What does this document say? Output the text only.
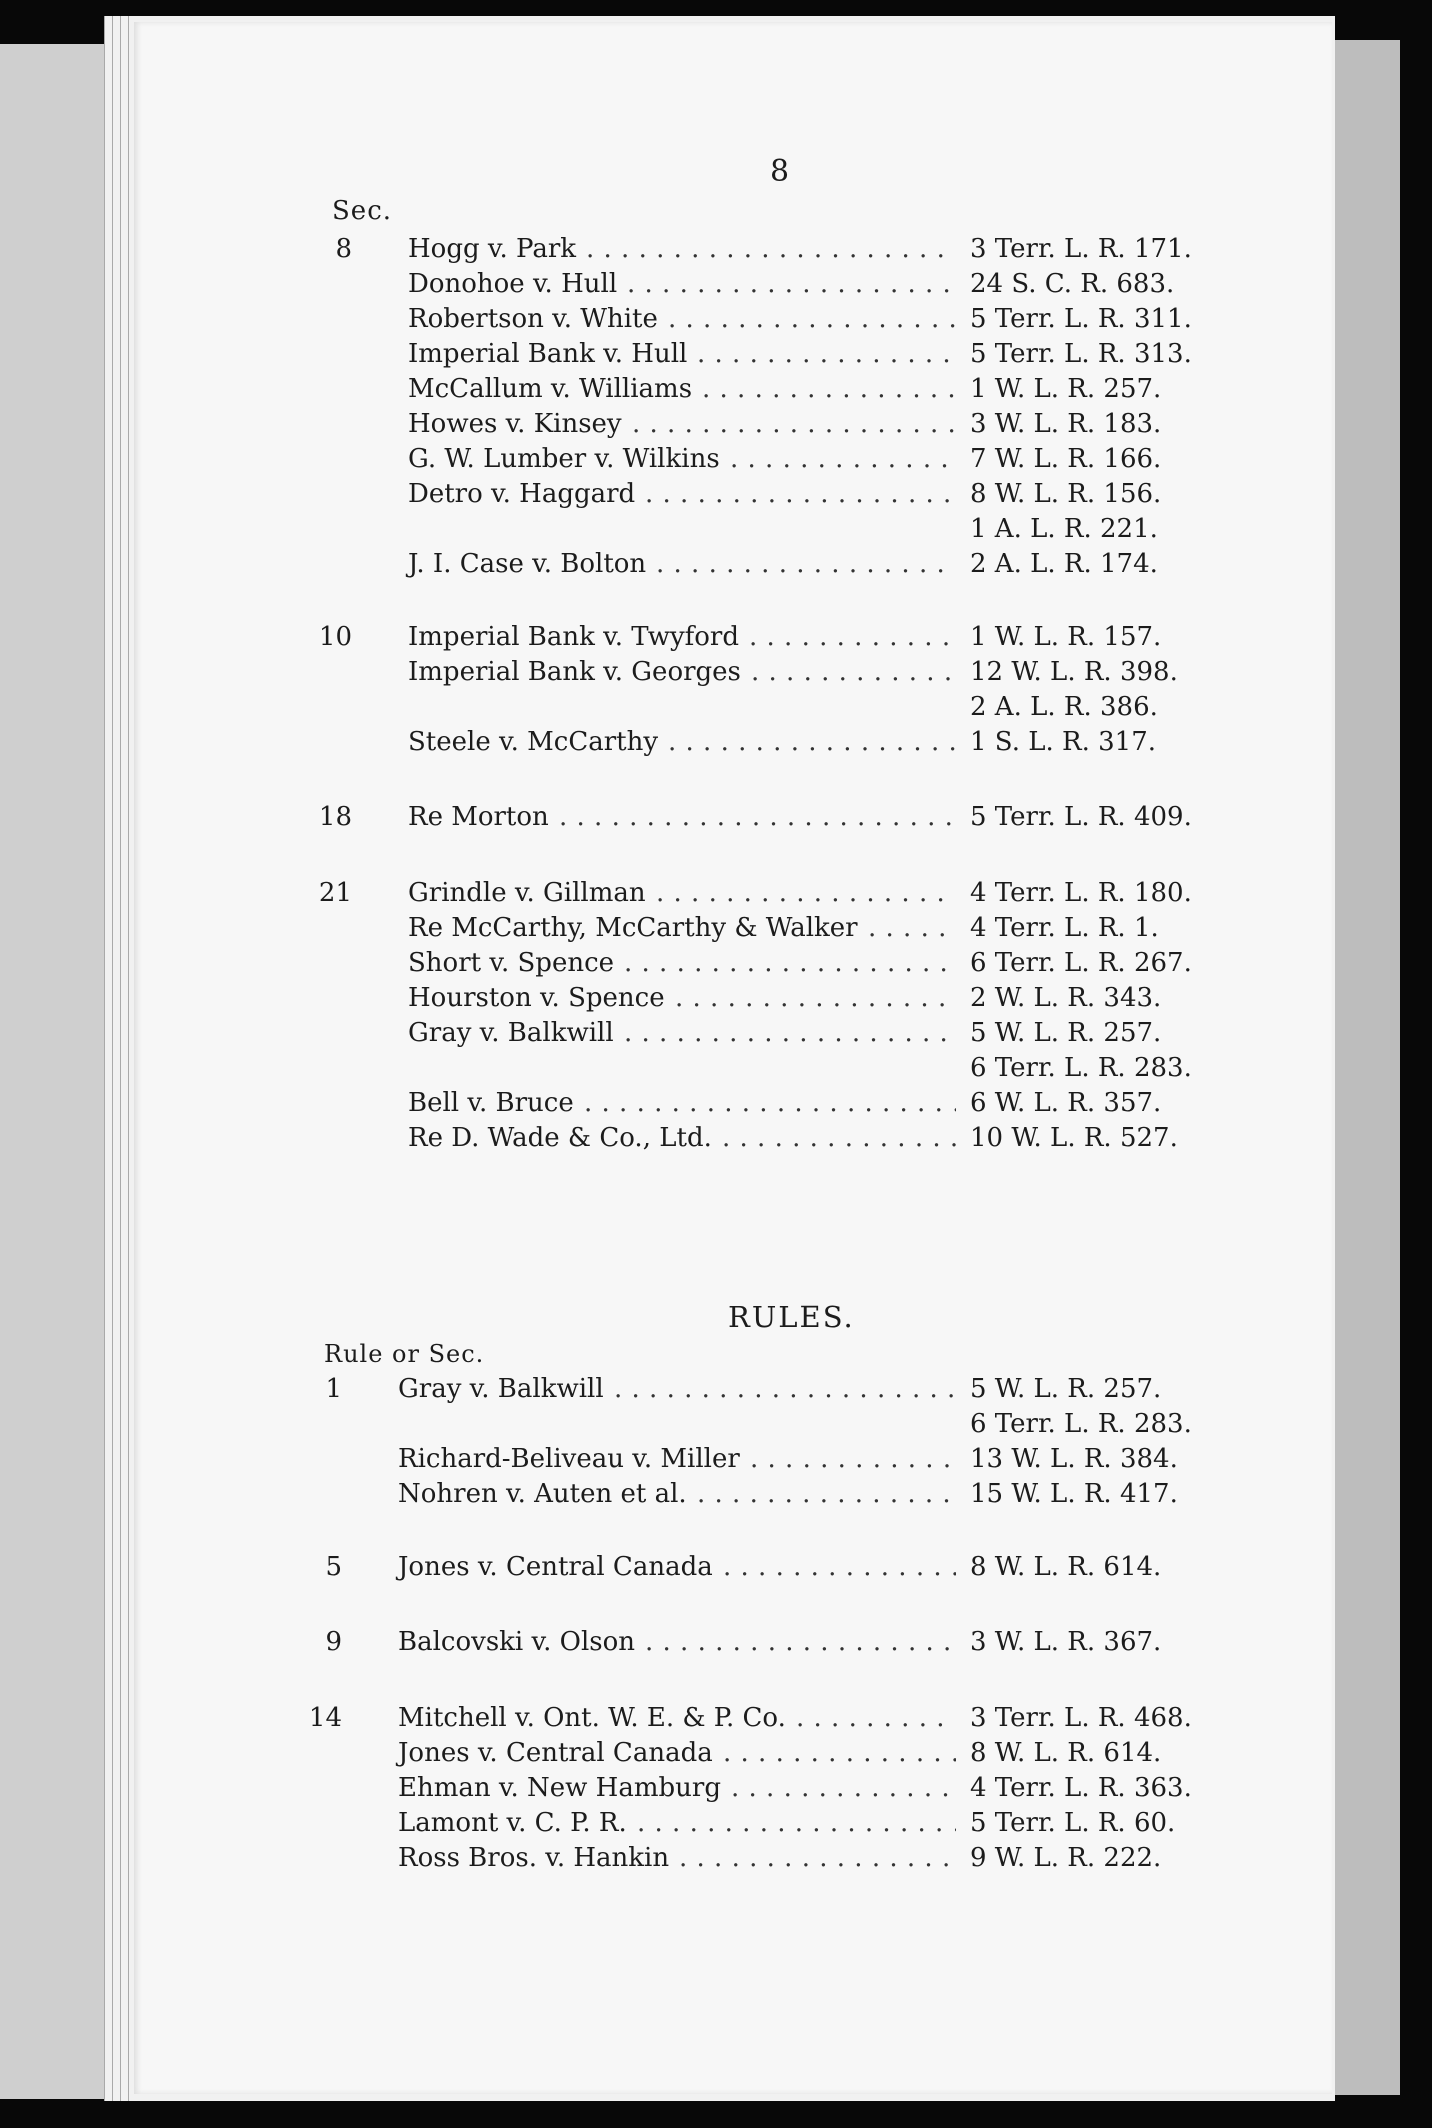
8
Sec.
RULES.
Rule or Sec.
8 Hogg v. Park . . .	3 Terr. L. R. 171.
Donohoe v. Hull . . .	24 S. C. R. 683.
Robertson v. White . . .	5 Terr. L. R. 311.
Imperial Bank v. Hull . . .	5 Terr. L. R. 313.
McCallum v. Williams . . .	1 W. L. R. 257.
Howes v. Kinsey . . .	3 W. L. R. 183.
G. W. Lumber v. Wilkins . . .	7 W. L. R. 166.
Detro v. Haggard . . .	8 W. L. R. 156.
1 A. L. R. 221.
J. I. Case v. Bolton . . .	2 A. L. R. 174.
10 Imperial Bank v. Twyford . . .	1 W. L. R. 157.
Imperial Bank v. Georges . . .	12 W. L. R. 398.
2 A. L. R. 386.
Steele v. McCarthy . . .	1 S. L. R. 317.
18 Re Morton . . .	5 Terr. L. R. 409.
21 Grindle v. Gillman . . .	4 Terr. L. R. 180.
Re McCarthy, McCarthy & Walker . . .	4 Terr. L. R. 1.
Short v. Spence . . .	6 Terr. L. R. 267.
Hourston v. Spence . . .	2 W. L. R. 343.
Gray v. Balkwill . . .	5 W. L. R. 257.
6 Terr. L. R. 283.
Bell v. Bruce . . .	6 W. L. R. 357.
Re D. Wade & Co., Ltd. . . .	10 W. L. R. 527.
1 Gray v. Balkwill . . .	5 W. L. R. 257.
6 Terr. L. R. 283.
Richard-Beliveau v. Miller . . .	13 W. L. R. 384.
Nohren v. Auten et al. . . .	15 W. L. R. 417.
5 Jones v. Central Canada . . .	8 W. L. R. 614.
9 Balcovski v. Olson . . .	3 W. L. R. 367.
14 Mitchell v. Ont. W. E. & P. Co. . . .	3 Terr. L. R. 468.
Jones v. Central Canada . . .	8 W. L. R. 614.
Ehman v. New Hamburg . . .	4 Terr. L. R. 363.
Lamont v. C. P. R. . . .	5 Terr. L. R. 60.
Ross Bros. v. Hankin . . .	9 W. L. R. 222.
